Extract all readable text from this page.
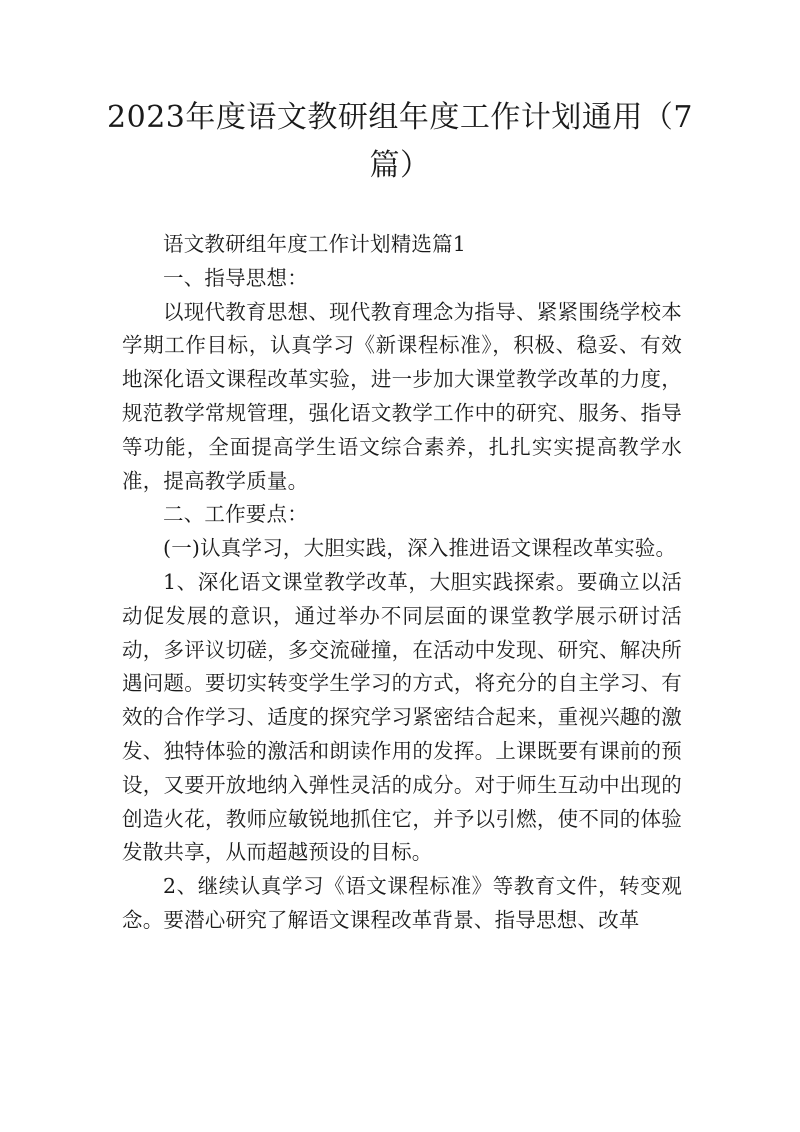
2023年度语文教研组年度工作计划通用（7篇）

语文教研组年度工作计划精选篇1

一、指导思想：

以现代教育思想、现代教育理念为指导、紧紧围绕学校本学期工作目标，认真学习《新课程标准》，积极、稳妥、有效地深化语文课程改革实验，进一步加大课堂教学改革的力度，规范教学常规管理，强化语文教学工作中的研究、服务、指导等功能，全面提高学生语文综合素养，扎扎实实提高教学水准，提高教学质量。

二、工作要点：

(一)认真学习，大胆实践，深入推进语文课程改革实验。

1、深化语文课堂教学改革，大胆实践探索。要确立以活动促发展的意识，通过举办不同层面的课堂教学展示研讨活动，多评议切磋，多交流碰撞，在活动中发现、研究、解决所遇问题。要切实转变学生学习的方式，将充分的自主学习、有效的合作学习、适度的探究学习紧密结合起来，重视兴趣的激发、独特体验的激活和朗读作用的发挥。上课既要有课前的预设，又要开放地纳入弹性灵活的成分。对于师生互动中出现的创造火花，教师应敏锐地抓住它，并予以引燃，使不同的体验发散共享，从而超越预设的目标。

2、继续认真学习《语文课程标准》等教育文件，转变观念。要潜心研究了解语文课程改革背景、指导思想、改革
